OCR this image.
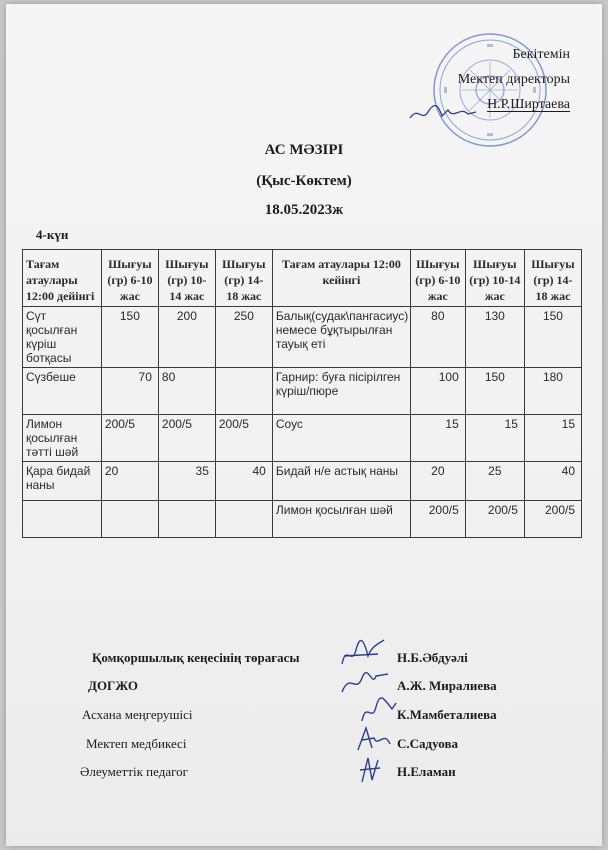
Бекітемін
Мектеп директоры
Н.Р.Ширтаева
АС МӘЗІРІ
(Қыс-Көктем)
18.05.2023ж
4-күн
Тағам атаулары 12:00 дейінгі	Шығуы (гр) 6-10 жас	Шығуы (гр) 10-14 жас	Шығуы (гр) 14-18 жас	Тағам атаулары 12:00 кейінгі	Шығуы (гр) 6-10 жас	Шығуы (гр) 10-14 жас	Шығуы (гр) 14-18 жас
Сүт қосылған күріш ботқасы	150	200	250	Балық(судак\пангасиус) немесе бұқтырылған тауық еті	80	130	150
Сүзбеше	70	80		Гарнир: буға пісірілген күріш/пюре	100	150	180
Лимон қосылған тәтті шәй	200/5	200/5	200/5	Соус	15	15	15
Қара бидай наны	20	35	40	Бидай н/е астық наны	20	25	40
				Лимон қосылған шәй	200/5	200/5	200/5
Қомқоршылық кеңесінің төрағасы	Н.Б.Әбдуәлі
ДОГЖО	А.Ж. Миралиева
Асхана меңгерушісі	К.Мамбеталиева
Мектеп медбикесі	С.Садуова
Әлеуметтік педагог	Н.Еламан
